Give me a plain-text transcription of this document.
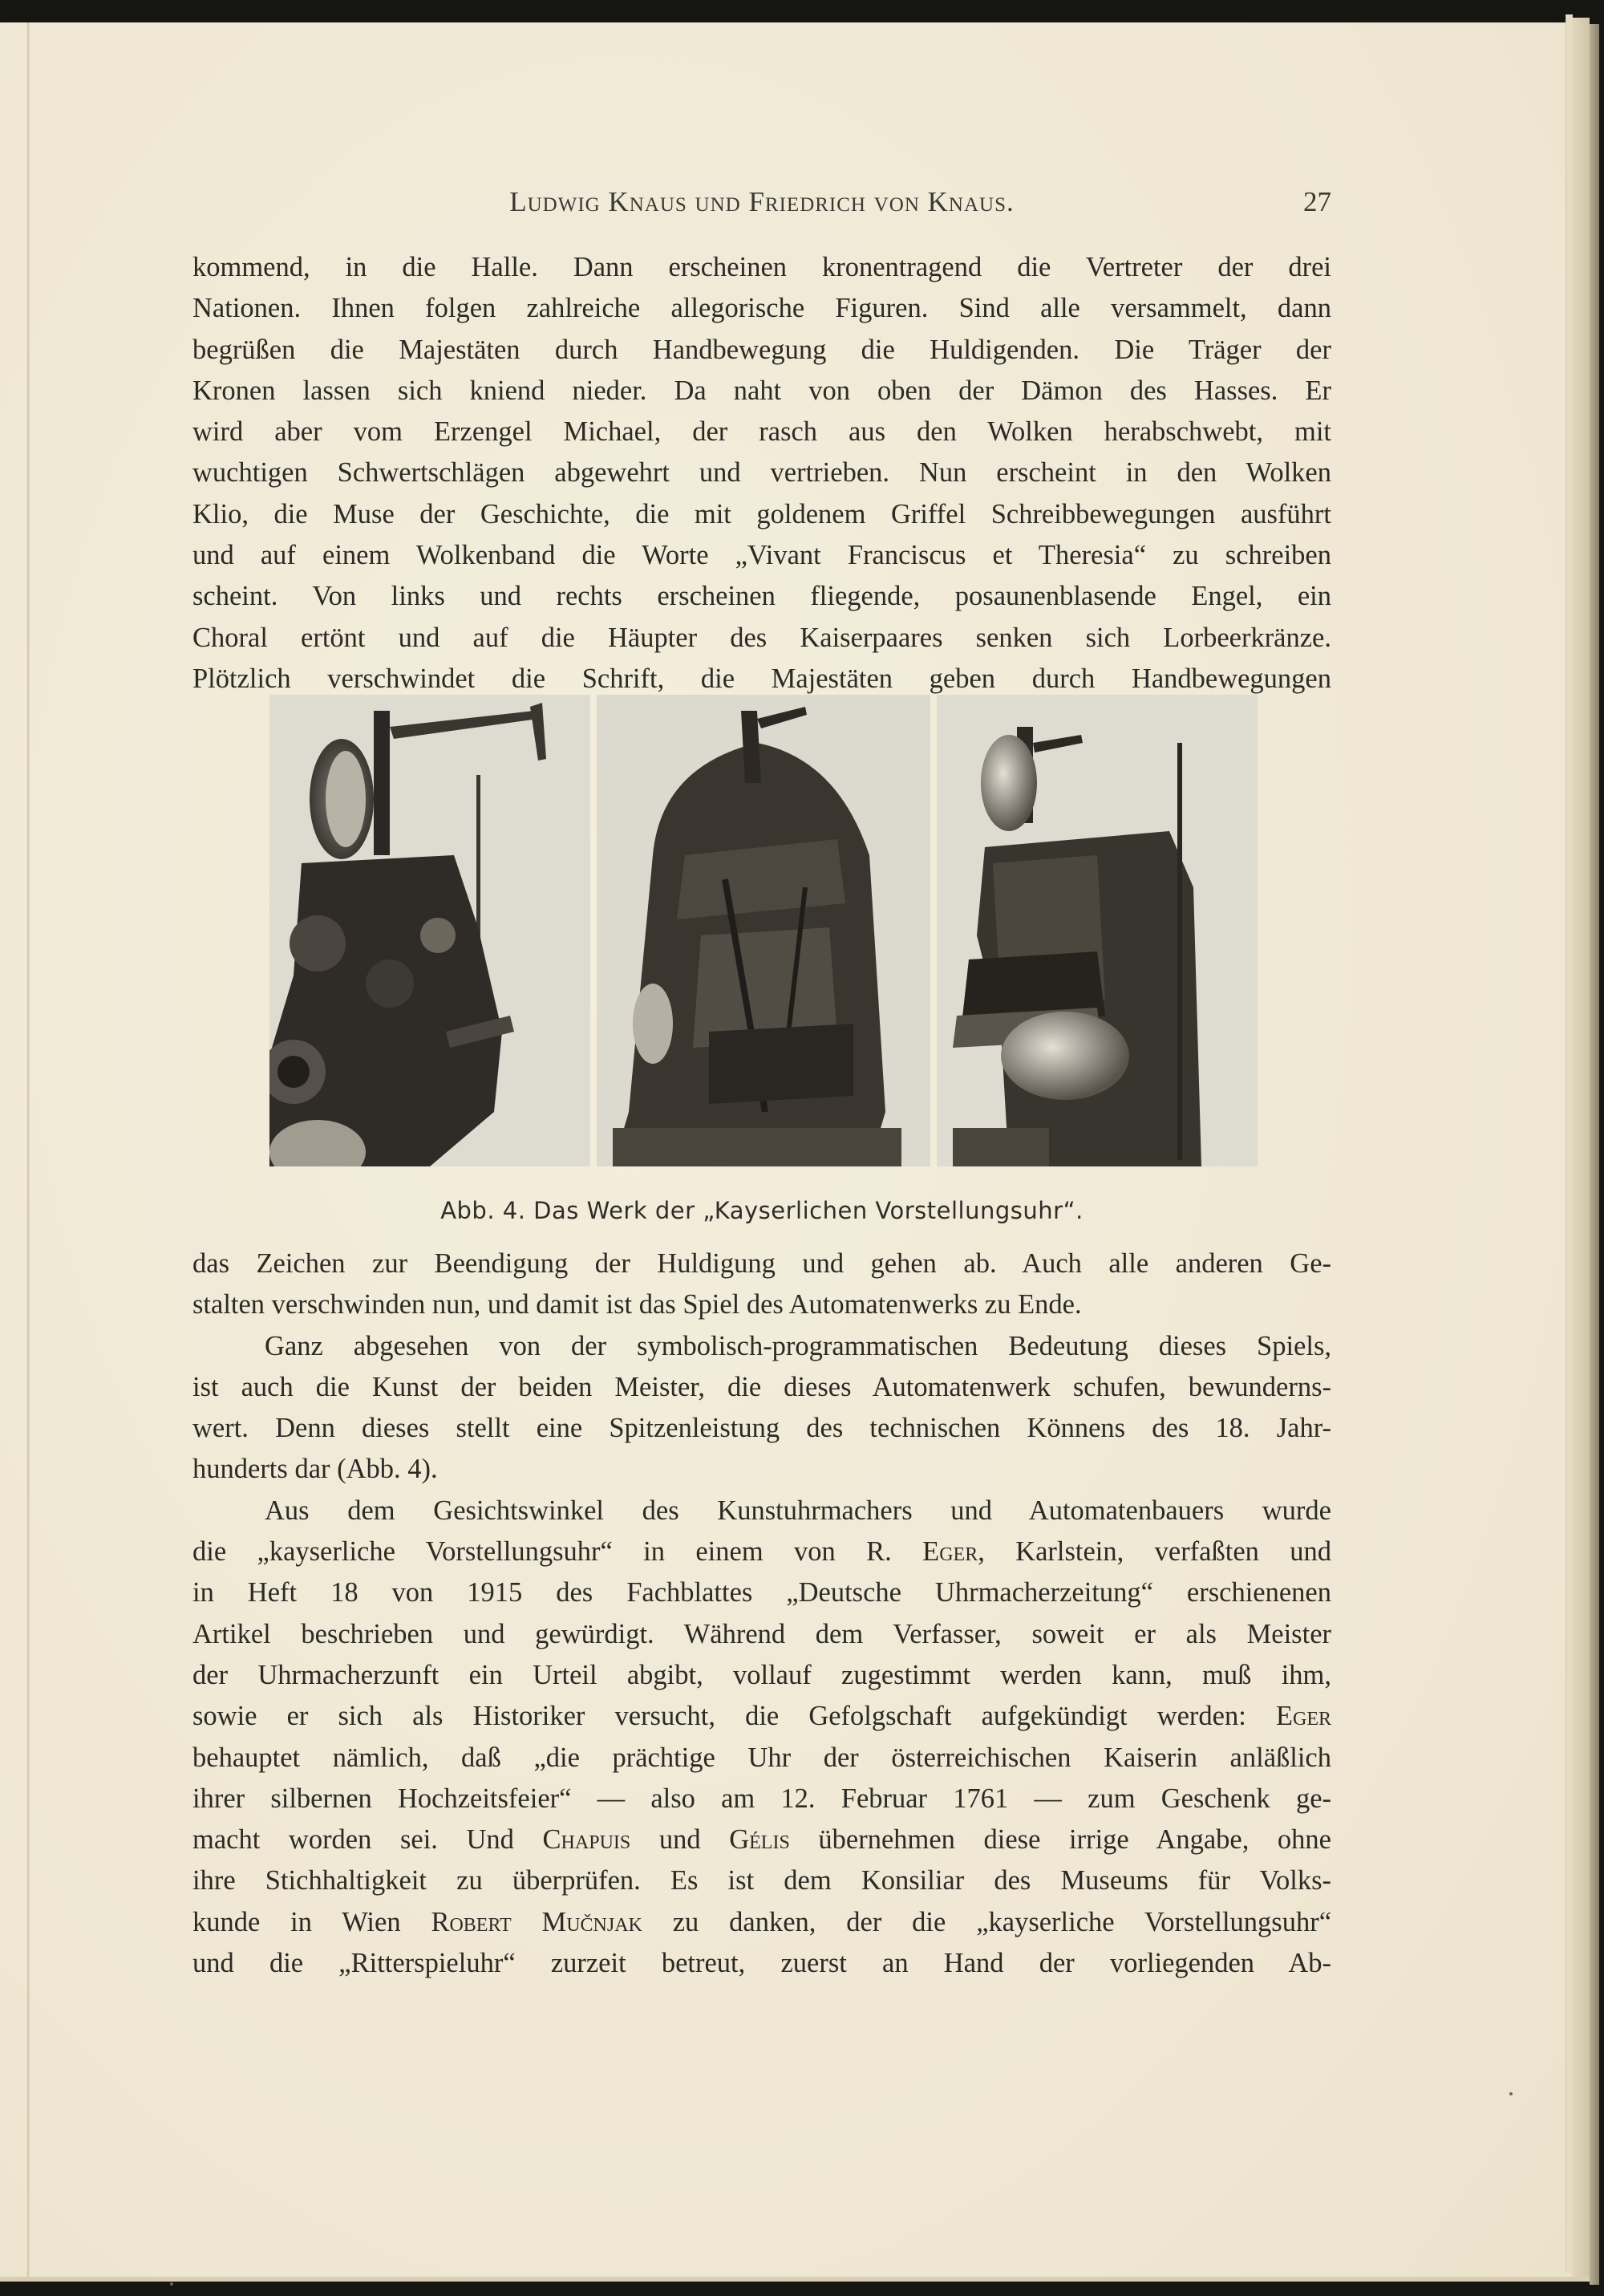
Ludwig Knaus und Friedrich von Knaus.	27

kommend, in die Halle. Dann erscheinen kronentragend die Vertreter der drei
Nationen. Ihnen folgen zahlreiche allegorische Figuren. Sind alle versammelt, dann
begrüßen die Majestäten durch Handbewegung die Huldigenden. Die Träger der
Kronen lassen sich kniend nieder. Da naht von oben der Dämon des Hasses. Er
wird aber vom Erzengel Michael, der rasch aus den Wolken herabschwebt, mit
wuchtigen Schwertschlägen abgewehrt und vertrieben. Nun erscheint in den Wolken
Klio, die Muse der Geschichte, die mit goldenem Griffel Schreibbewegungen ausführt
und auf einem Wolkenband die Worte „Vivant Franciscus et Theresia“ zu schreiben
scheint. Von links und rechts erscheinen fliegende, posaunenblasende Engel, ein
Choral ertönt und auf die Häupter des Kaiserpaares senken sich Lorbeerkränze.
Plötzlich verschwindet die Schrift, die Majestäten geben durch Handbewegungen

Abb. 4. Das Werk der „Kayserlichen Vorstellungsuhr“.

das Zeichen zur Beendigung der Huldigung und gehen ab. Auch alle anderen Ge-
stalten verschwinden nun, und damit ist das Spiel des Automatenwerks zu Ende.

Ganz abgesehen von der symbolisch-programmatischen Bedeutung dieses Spiels,
ist auch die Kunst der beiden Meister, die dieses Automatenwerk schufen, bewunderns-
wert. Denn dieses stellt eine Spitzenleistung des technischen Könnens des 18. Jahr-
hunderts dar (Abb. 4).

Aus dem Gesichtswinkel des Kunstuhrmachers und Automatenbauers wurde
die „kayserliche Vorstellungsuhr“ in einem von R. Eger, Karlstein, verfaßten und
in Heft 18 von 1915 des Fachblattes „Deutsche Uhrmacherzeitung“ erschienenen
Artikel beschrieben und gewürdigt. Während dem Verfasser, soweit er als Meister
der Uhrmacherzunft ein Urteil abgibt, vollauf zugestimmt werden kann, muß ihm,
sowie er sich als Historiker versucht, die Gefolgschaft aufgekündigt werden: Eger
behauptet nämlich, daß „die prächtige Uhr der österreichischen Kaiserin anläßlich
ihrer silbernen Hochzeitsfeier“ — also am 12. Februar 1761 — zum Geschenk ge-
macht worden sei. Und Chapuis und Gélis übernehmen diese irrige Angabe, ohne
ihre Stichhaltigkeit zu überprüfen. Es ist dem Konsiliar des Museums für Volks-
kunde in Wien Robert Mučnjak zu danken, der die „kayserliche Vorstellungsuhr“
und die „Ritterspieluhr“ zurzeit betreut, zuerst an Hand der vorliegenden Ab-
